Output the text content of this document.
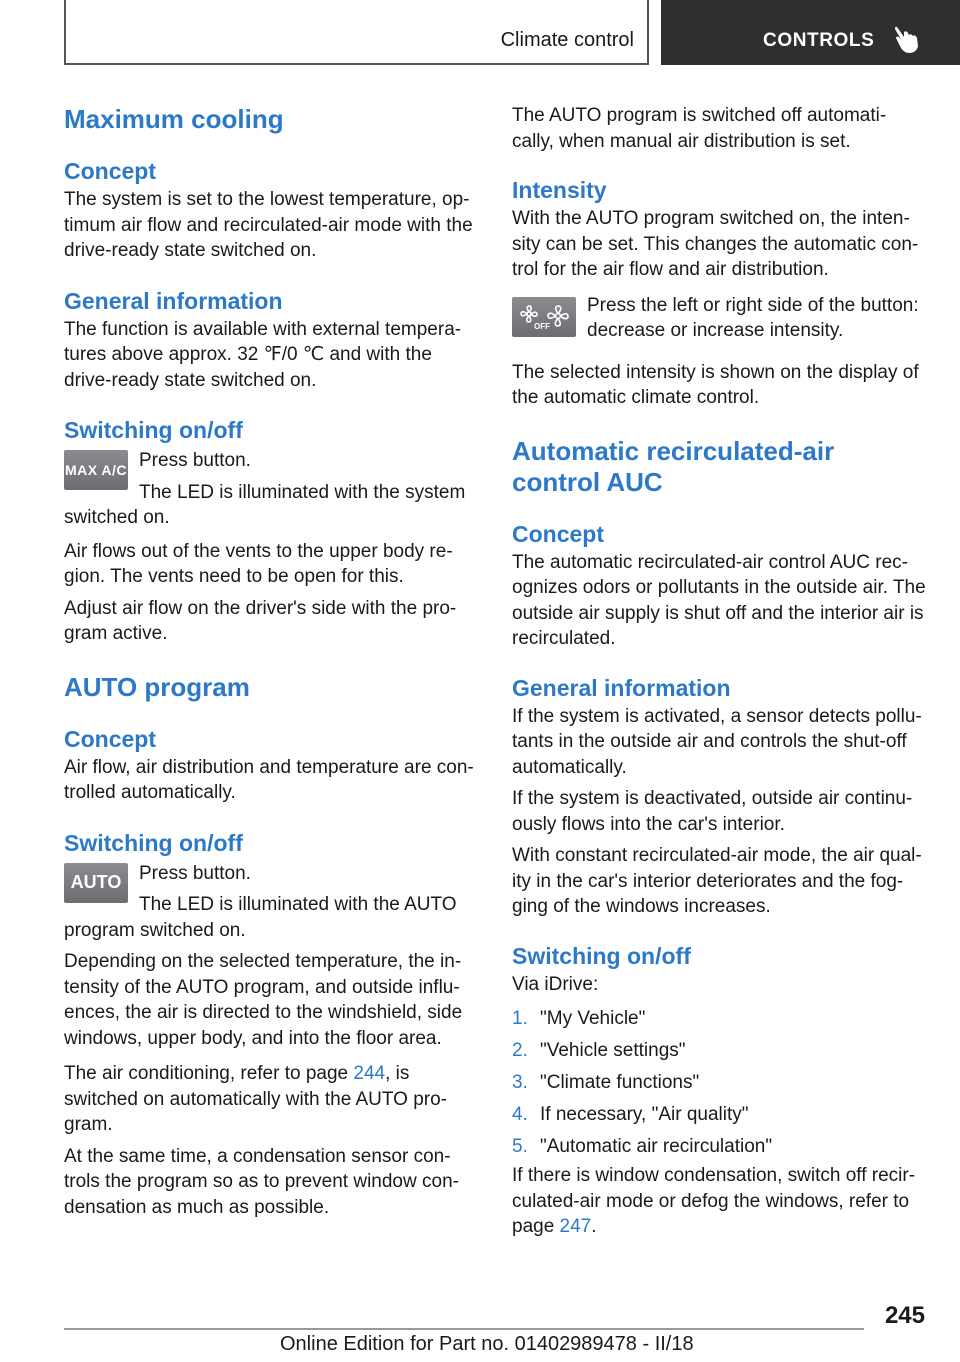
Climate control	CONTROLS
Maximum cooling
Concept

The system is set to the lowest temperature, op-timum air flow and recirculated-air mode with the drive-ready state switched on.

General information

The function is available with external tempera-tures above approx. 32 ℉/0 ℃ and with the drive-ready state switched on.

Switching on/off
MAX A/C Press button.

The LED is illuminated with the system switched on.

Air flows out of the vents to the upper body re-gion. The vents need to be open for this.

Adjust air flow on the driver's side with the pro-gram active.

AUTO program
Concept

Air flow, air distribution and temperature are con-trolled automatically.

Switching on/off
AUTO Press button.

The LED is illuminated with the AUTO program switched on.

Depending on the selected temperature, the in-tensity of the AUTO program, and outside influ-ences, the air is directed to the windshield, side windows, upper body, and into the floor area.

The air conditioning, refer to page 244, is switched on automatically with the AUTO pro-gram.

At the same time, a condensation sensor con-trols the program so as to prevent window con-densation as much as possible.

The AUTO program is switched off automati-cally, when manual air distribution is set.

Intensity

With the AUTO program switched on, the inten-sity can be set. This changes the automatic con-trol for the air flow and air distribution.

OFF

Press the left or right side of the button: decrease or increase intensity.

The selected intensity is shown on the display of the automatic climate control.

Automatic recirculated-air control AUC
Concept

The automatic recirculated-air control AUC rec-ognizes odors or pollutants in the outside air. The outside air supply is shut off and the interior air is recirculated.

General information

If the system is activated, a sensor detects pollu-tants in the outside air and controls the shut-off automatically.

If the system is deactivated, outside air continu-ously flows into the car's interior.

With constant recirculated-air mode, the air qual-ity in the car's interior deteriorates and the fog-ging of the windows increases.

Switching on/off

Via iDrive:

1. "My Vehicle"
2. "Vehicle settings"
3. "Climate functions"
4. If necessary, "Air quality"
5. "Automatic air recirculation"

If there is window condensation, switch off recir-culated-air mode or defog the windows, refer to page 247.

245
Online Edition for Part no. 01402989478 - II/18
